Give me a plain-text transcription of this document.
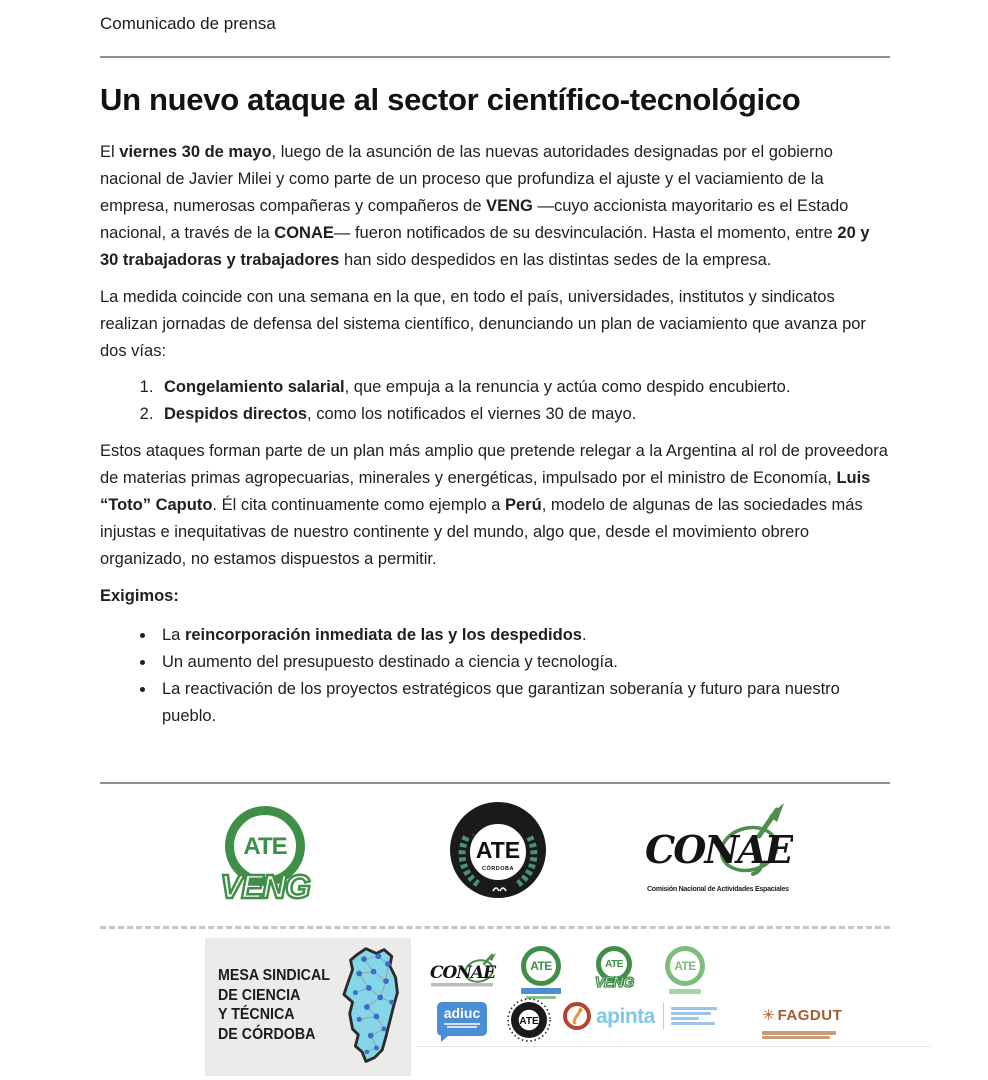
Comunicado de prensa
Un nuevo ataque al sector científico-tecnológico

El viernes 30 de mayo, luego de la asunción de las nuevas autoridades designadas por el gobierno nacional de Javier Milei y como parte de un proceso que profundiza el ajuste y el vaciamiento de la empresa, numerosas compañeras y compañeros de VENG —cuyo accionista mayoritario es el Estado nacional, a través de la CONAE— fueron notificados de su desvinculación. Hasta el momento, entre 20 y 30 trabajadoras y trabajadores han sido despedidos en las distintas sedes de la empresa.

La medida coincide con una semana en la que, en todo el país, universidades, institutos y sindicatos realizan jornadas de defensa del sistema científico, denunciando un plan de vaciamiento que avanza por dos vías:

1. Congelamiento salarial, que empuja a la renuncia y actúa como despido encubierto.
2. Despidos directos, como los notificados el viernes 30 de mayo.

Estos ataques forman parte de un plan más amplio que pretende relegar a la Argentina al rol de proveedora de materias primas agropecuarias, minerales y energéticas, impulsado por el ministro de Economía, Luis “Toto” Caputo. Él cita continuamente como ejemplo a Perú, modelo de algunas de las sociedades más injustas e inequitativas de nuestro continente y del mundo, algo que, desde el movimiento obrero organizado, no estamos dispuestos a permitir.

Exigimos:

• La reincorporación inmediata de las y los despedidos.
• Un aumento del presupuesto destinado a ciencia y tecnología.
• La reactivación de los proyectos estratégicos que garantizan soberanía y futuro para nuestro pueblo.
ATE
VENG
ATE
CÓRDOBA	CONAE
Comisión Nacional de Actividades Espaciales
MESA SINDICAL
DE CIENCIA
Y TÉCNICA
DE CÓRDOBA
CONAE	ATE	ATE
VENG
ATE
adiuc
ATE	apinta	✳ FAGDUT
